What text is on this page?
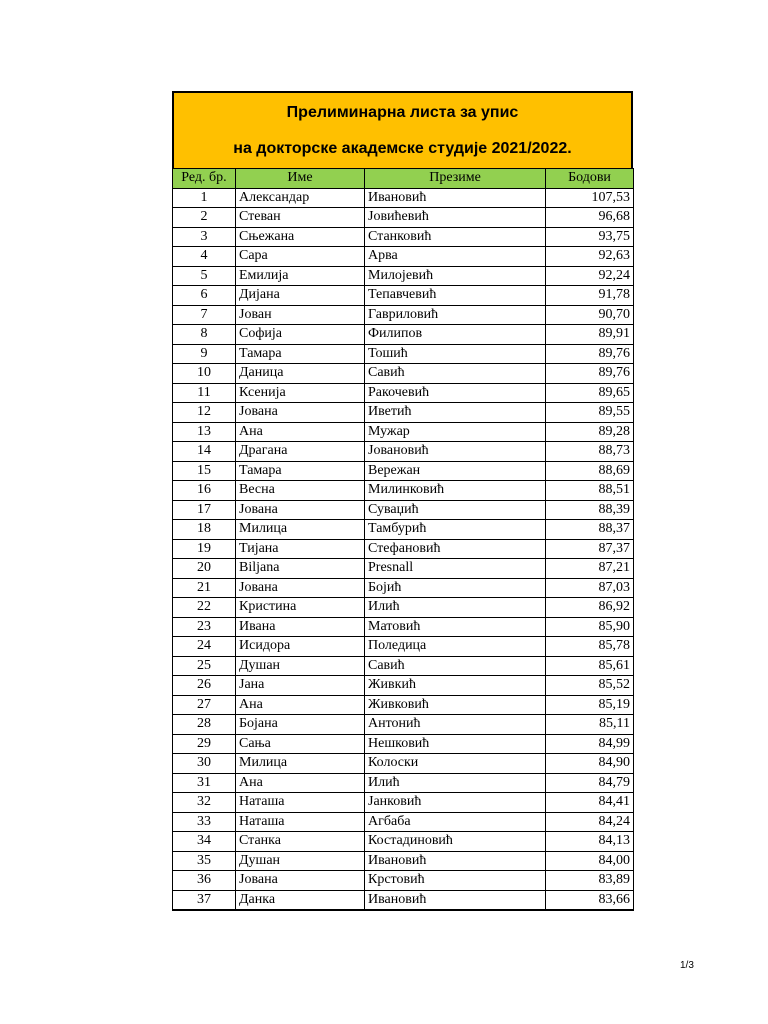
Прелиминарна листа за упис
на докторске академске студије 2021/2022.
Ред. бр.	Име	Презиме	Бодови
1	Александар	Ивановић	107,53
2	Стеван	Јовићевић	96,68
3	Сњежана	Станковић	93,75
4	Сара	Арва	92,63
5	Емилија	Милојевић	92,24
6	Дијана	Тепавчевић	91,78
7	Јован	Гавриловић	90,70
8	Софија	Филипов	89,91
9	Тамара	Тошић	89,76
10	Даница	Савић	89,76
11	Ксенија	Ракочевић	89,65
12	Јована	Иветић	89,55
13	Ана	Мужар	89,28
14	Драгана	Јовановић	88,73
15	Тамара	Вережан	88,69
16	Весна	Милинковић	88,51
17	Јована	Суваџић	88,39
18	Милица	Тамбурић	88,37
19	Тијана	Стефановић	87,37
20	Biljana	Presnall	87,21
21	Јована	Бојић	87,03
22	Кристина	Илић	86,92
23	Ивана	Матовић	85,90
24	Исидора	Поледица	85,78
25	Душан	Савић	85,61
26	Јана	Живкић	85,52
27	Ана	Живковић	85,19
28	Бојана	Антонић	85,11
29	Сања	Нешковић	84,99
30	Милица	Колоски	84,90
31	Ана	Илић	84,79
32	Наташа	Јанковић	84,41
33	Наташа	Агбаба	84,24
34	Станка	Костадиновић	84,13
35	Душан	Ивановић	84,00
36	Јована	Крстовић	83,89
37	Данка	Ивановић	83,66
1/3
